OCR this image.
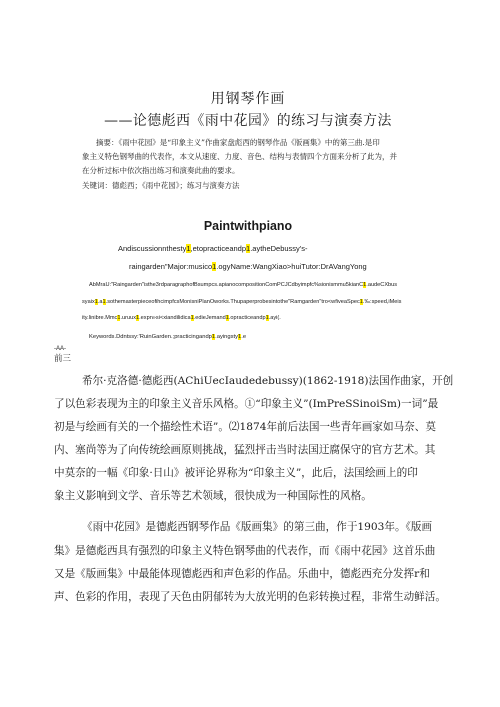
用钢琴作画
——论德彪西《雨中花园》的练习与演奏方法
摘要：《雨中花园》是“印象主义”作曲家盘彪西的钢琴作品《版画集》中的第三曲.是印
象主义特色钢琴曲的代表作，本文从速度、力度、音色、结构与表情四个方面来分析了此为，并
在分析过标中依次指出练习和演奏此曲的要求。
关键词：德彪西；《雨中花园》；练习与演奏方法
Paintwithpiano
Andiscussionnthesty1,etopracticeandp1.aytheDebussy's-
raingarden"Major:musico1.ogyName:WangXiao>huiTutor:DrAVangYong
AbMraU:"Raingarden"isthe3rdparagraphofBsumpcs.apianocompositionComPCJCdbyimpfc%sionismmu5kianC1.audeCXbus
syaix1.a1.sothemasterpieceofihcimpfcsMonisniPlanOworks.Thupaperprobesintothe"Ramgarden"tro<wfiveaSpec1.‰:speed,iMeis
ity.linibre.Mmc1.uruux1.expn»si<xiandilidica1.edieJemand1.opracticeandp1.ayi(.
Keywords.Ddntssy:'RuinGarden.;practicingandp1.ayingsty1.e
-AA-
前三
希尔·克洛德·德彪西(AChiUecIaudedebussy)(1862-1918)法国作曲家，开创
了以色彩表现为主的印象主义音乐风格。①“印象主义”(ImPreSSinoiSm)一词”最
初是与绘画有关的一个描绘性术语”。⑵1874年前后法国一些青年画家如马奈、莫
内、塞尚等为了向传统绘画原则挑战，猛烈抨击当时法国迂腐保守的官方艺术。其
中莫奈的一幅《印象·日山》被评论界称为“印象主义”，此后，法国绘画上的印
象主义影响到文学、音乐等艺术领域，很快成为一种国际性的风格。
《雨中花园》是德彪西钢琴作品《版画集》的第三曲，作于1903年。《版画
集》是德彪西具有强烈的印象主义特色钢琴曲的代表作，而《雨中花园》这首乐曲
又是《版画集》中最能体现德彪西和声色彩的作品。乐曲中，德彪西充分发挥r和
声、色彩的作用，表现了天色由阴郁转为大放光明的色彩转换过程，非常生动鲜活。
